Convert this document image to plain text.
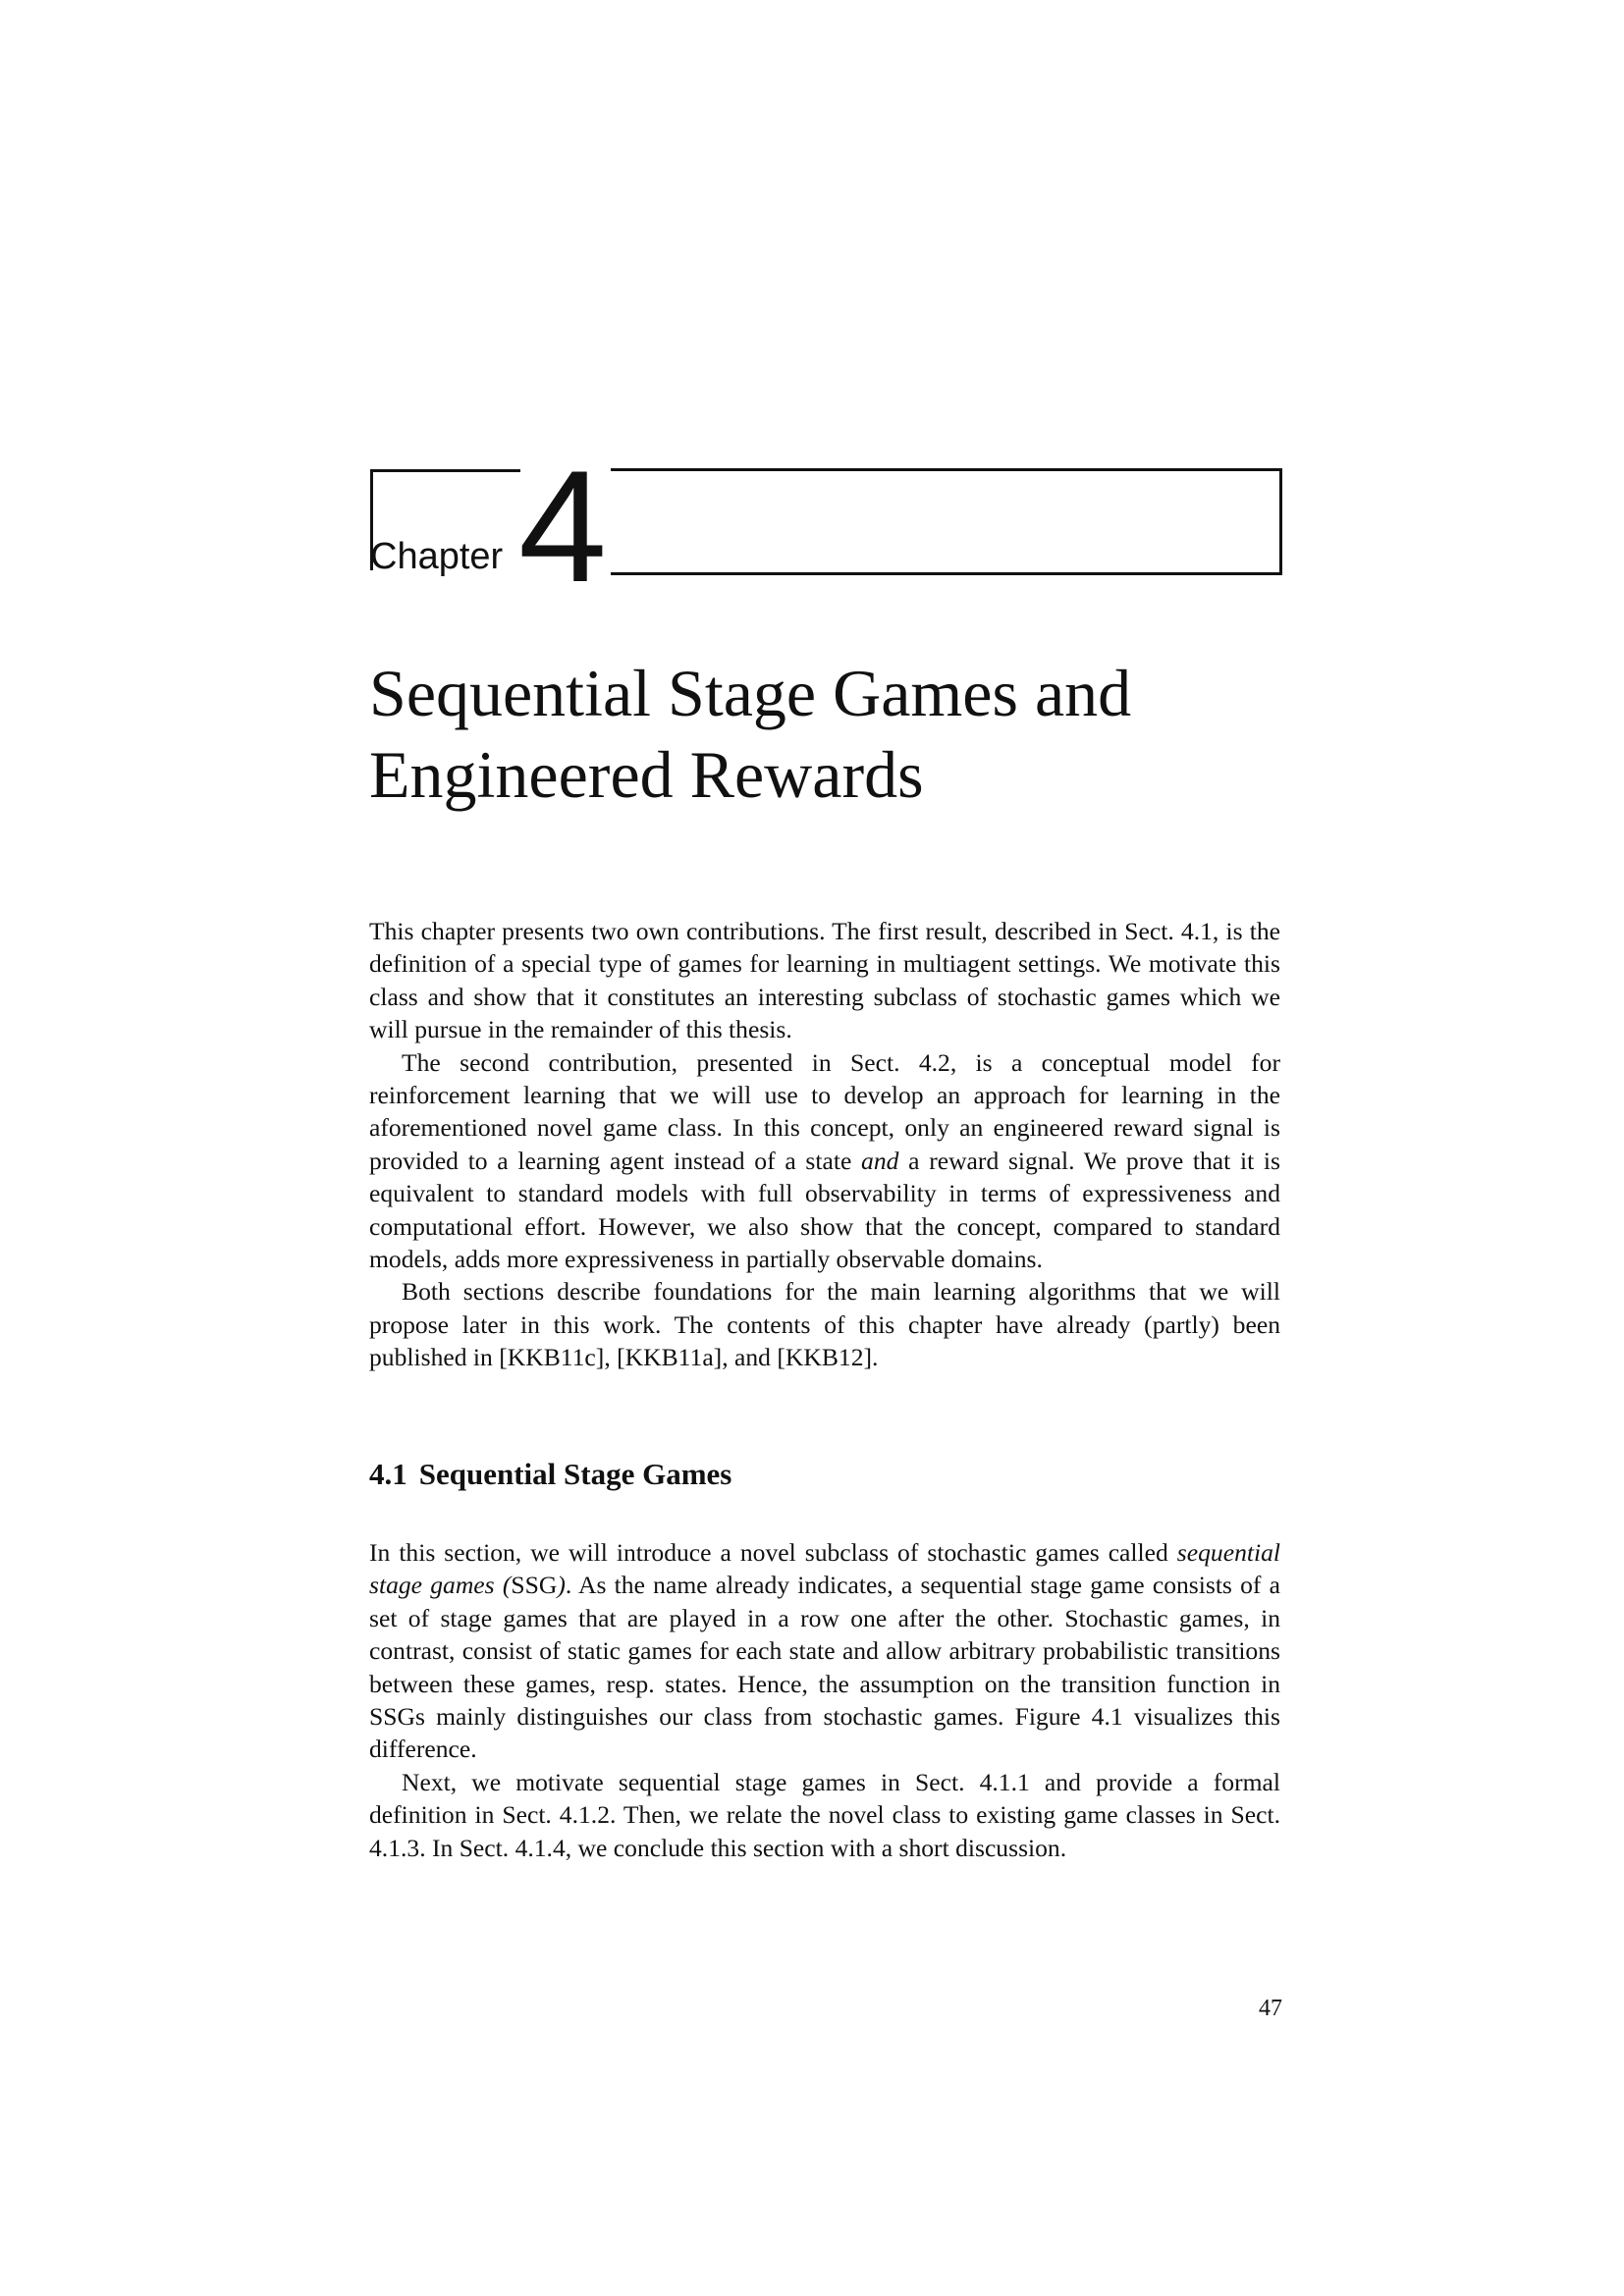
Chapter 4
Sequential Stage Games and
Engineered Rewards

This chapter presents two own contributions. The first result, described in Sect. 4.1, is the definition of a special type of games for learning in multiagent settings. We motivate this class and show that it constitutes an interesting subclass of stochastic games which we will pursue in the remainder of this thesis.

The second contribution, presented in Sect. 4.2, is a conceptual model for reinforcement learning that we will use to develop an approach for learning in the aforementioned novel game class. In this concept, only an engineered reward signal is provided to a learning agent instead of a state and a reward signal. We prove that it is equivalent to standard models with full observability in terms of expressiveness and computational effort. However, we also show that the concept, compared to standard models, adds more expressiveness in partially observable domains.

Both sections describe foundations for the main learning algorithms that we will propose later in this work. The contents of this chapter have already (partly) been published in [KKB11c], [KKB11a], and [KKB12].

4.1 Sequential Stage Games

In this section, we will introduce a novel subclass of stochastic games called sequential stage games (SSG). As the name already indicates, a sequential stage game consists of a set of stage games that are played in a row one after the other. Stochastic games, in contrast, consist of static games for each state and allow arbitrary probabilistic transitions between these games, resp. states. Hence, the assumption on the transition function in SSGs mainly distinguishes our class from stochastic games. Figure 4.1 visualizes this difference.

Next, we motivate sequential stage games in Sect. 4.1.1 and provide a formal definition in Sect. 4.1.2. Then, we relate the novel class to existing game classes in Sect. 4.1.3. In Sect. 4.1.4, we conclude this section with a short discussion.

47
